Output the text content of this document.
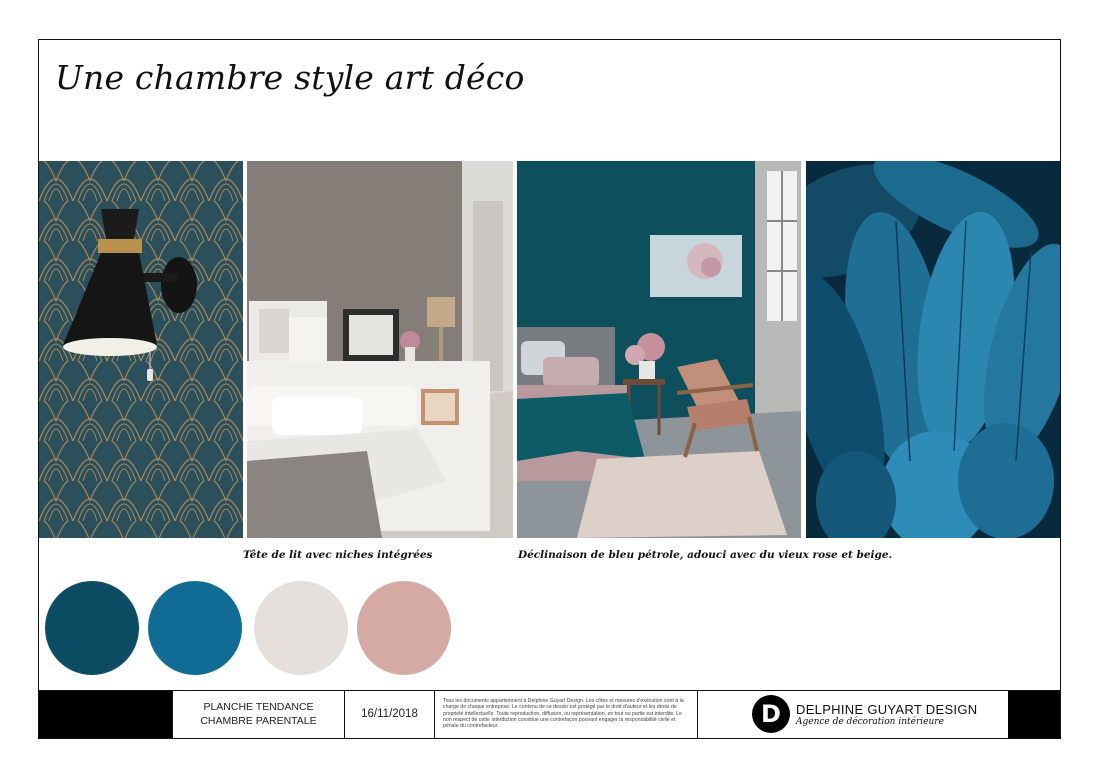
Une chambre style art déco
Tête de lit avec niches intégrées	Déclinaison de bleu pétrole, adouci avec du vieux rose et beige.
PLANCHE TENDANCE
CHAMBRE PARENTALE
16/11/2018
Tous les documents appartiennent à Delphine Guyart Design. Les côtes et mesures d'exécution sont à la charge de chaque entreprise. Le contenu de ce dessin est protégé par le droit d'auteur et les droits de propriété intellectuelle. Toute reproduction, diffusion, ou représentation, en tout ou partie est interdite. Le non respect de cette interdiction constitue une contrefaçon pouvant engager la responsabilité civile et pénale du contrefacteur.	D	DELPHINE GUYART DESIGN
Agence de décoration intérieure
